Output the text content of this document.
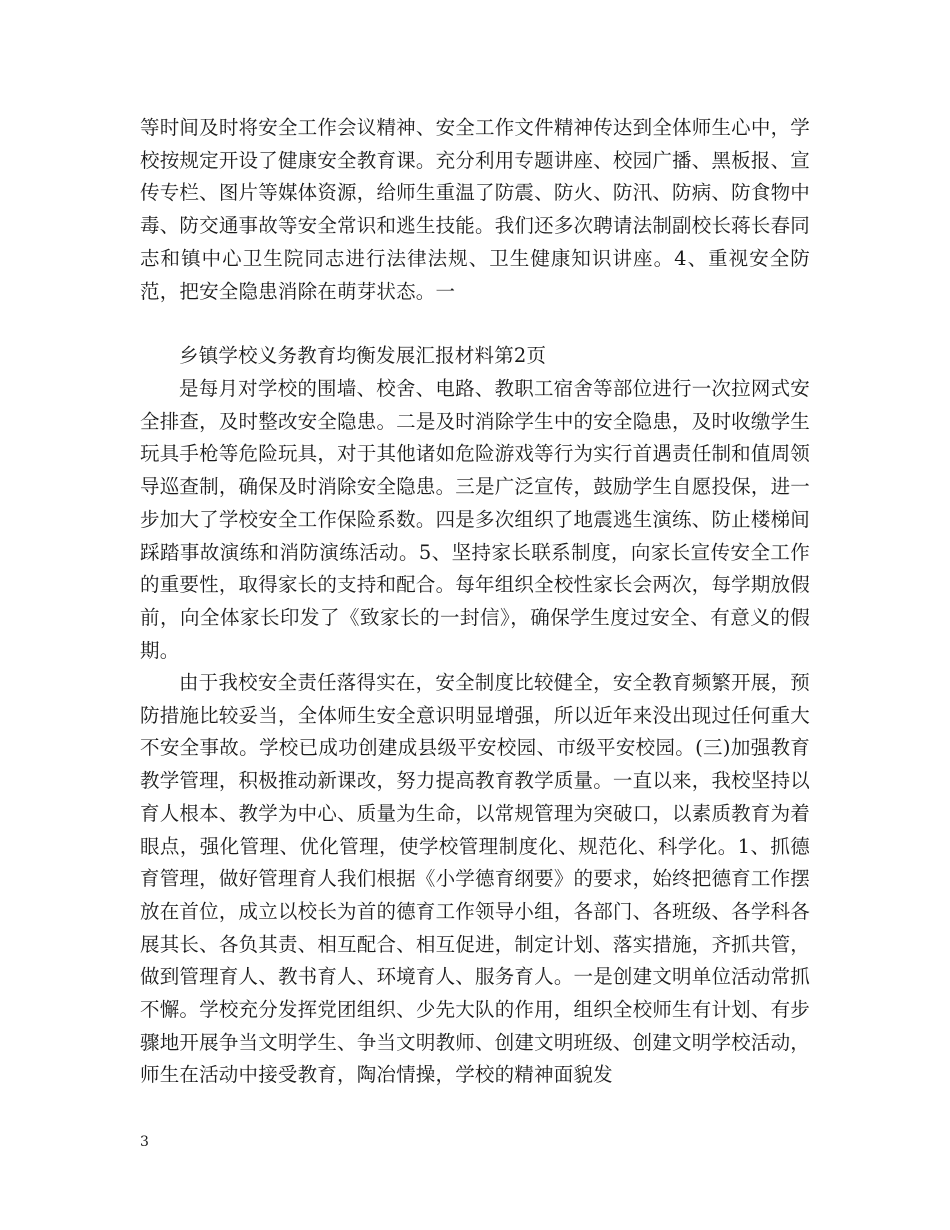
等时间及时将安全工作会议精神、安全工作文件精神传达到全体师生心中，学校按规定开设了健康安全教育课。充分利用专题讲座、校园广播、黑板报、宣传专栏、图片等媒体资源，给师生重温了防震、防火、防汛、防病、防食物中毒、防交通事故等安全常识和逃生技能。我们还多次聘请法制副校长蒋长春同志和镇中心卫生院同志进行法律法规、卫生健康知识讲座。4、重视安全防范，把安全隐患消除在萌芽状态。一
乡镇学校义务教育均衡发展汇报材料第2页
是每月对学校的围墙、校舍、电路、教职工宿舍等部位进行一次拉网式安全排查，及时整改安全隐患。二是及时消除学生中的安全隐患，及时收缴学生玩具手枪等危险玩具，对于其他诸如危险游戏等行为实行首遇责任制和值周领导巡查制，确保及时消除安全隐患。三是广泛宣传，鼓励学生自愿投保，进一步加大了学校安全工作保险系数。四是多次组织了地震逃生演练、防止楼梯间踩踏事故演练和消防演练活动。5、坚持家长联系制度，向家长宣传安全工作的重要性，取得家长的支持和配合。每年组织全校性家长会两次，每学期放假前，向全体家长印发了《致家长的一封信》，确保学生度过安全、有意义的假期。
由于我校安全责任落得实在，安全制度比较健全，安全教育频繁开展，预防措施比较妥当，全体师生安全意识明显增强，所以近年来没出现过任何重大不安全事故。学校已成功创建成县级平安校园、市级平安校园。(三)加强教育教学管理，积极推动新课改，努力提高教育教学质量。一直以来，我校坚持以育人根本、教学为中心、质量为生命，以常规管理为突破口，以素质教育为着眼点，强化管理、优化管理，使学校管理制度化、规范化、科学化。1、抓德育管理，做好管理育人我们根据《小学德育纲要》的要求，始终把德育工作摆放在首位，成立以校长为首的德育工作领导小组，各部门、各班级、各学科各展其长、各负其责、相互配合、相互促进，制定计划、落实措施，齐抓共管，做到管理育人、教书育人、环境育人、服务育人。一是创建文明单位活动常抓不懈。学校充分发挥党团组织、少先大队的作用，组织全校师生有计划、有步骤地开展争当文明学生、争当文明教师、创建文明班级、创建文明学校活动，师生在活动中接受教育，陶冶情操，学校的精神面貌发
3
